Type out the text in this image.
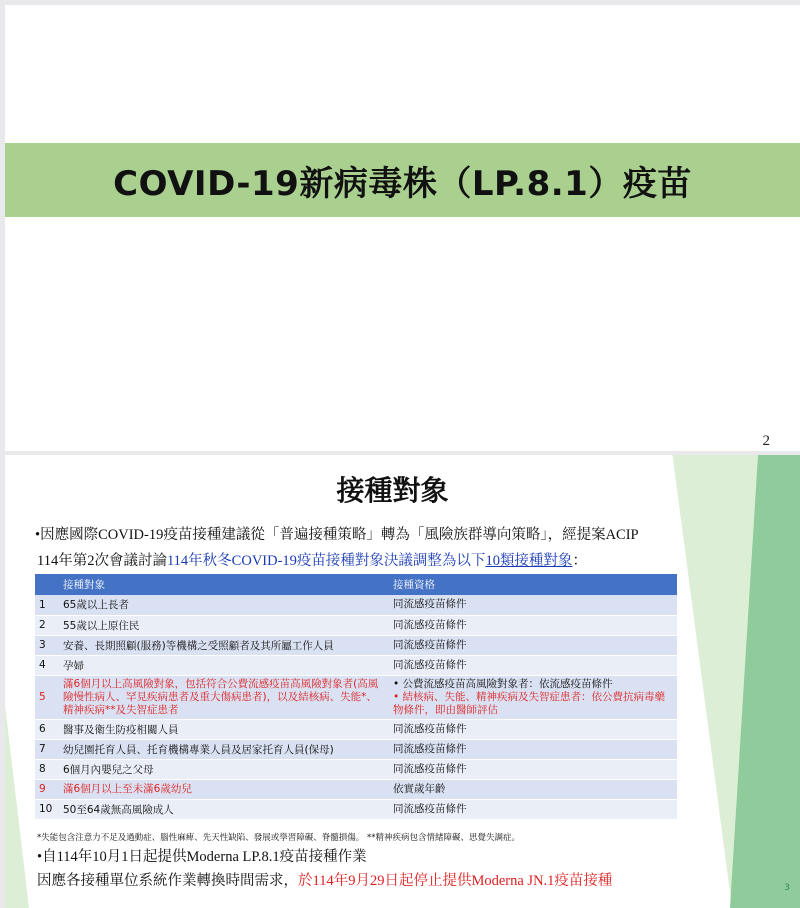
COVID-19新病毒株（LP.8.1）疫苗
2
接種對象
•因應國際COVID-19疫苗接種建議從「普遍接種策略」轉為「風險族群導向策略」，經提案ACIP
114年第2次會議討論114年秋冬COVID-19疫苗接種對象決議調整為以下10類接種對象：
	接種對象	接種資格
1	65歲以上長者	同流感疫苗條件

2	55歲以上原住民	同流感疫苗條件

3	安養、長期照顧(服務)等機構之受照顧者及其所屬工作人員	同流感疫苗條件

4	孕婦	同流感疫苗條件

5	滿6個月以上高風險對象，包括符合公費流感疫苗高風險對象者(高風險慢性病人、罕見疾病患者及重大傷病患者)，以及結核病、失能*、精神疾病**及失智症患者	• 公費流感疫苗高風險對象者：依流感疫苗條件
• 結核病、失能、精神疾病及失智症患者：依公費抗病毒藥物條件，即由醫師評估

6	醫事及衛生防疫相關人員	同流感疫苗條件

7	幼兒園托育人員、托育機構專業人員及居家托育人員(保母)	同流感疫苗條件

8	6個月內嬰兒之父母	同流感疫苗條件

9	滿6個月以上至未滿6歲幼兒	依實歲年齡

10	50至64歲無高風險成人	同流感疫苗條件
*失能包含注意力不足及過動症、腦性麻痺、先天性缺陷、發展或學習障礙、脊髓損傷。 **精神疾病包含情緒障礙、思覺失調症。
•自114年10月1日起提供Moderna LP.8.1疫苗接種作業
因應各接種單位系統作業轉換時間需求，於114年9月29日起停止提供Moderna JN.1疫苗接種	3
